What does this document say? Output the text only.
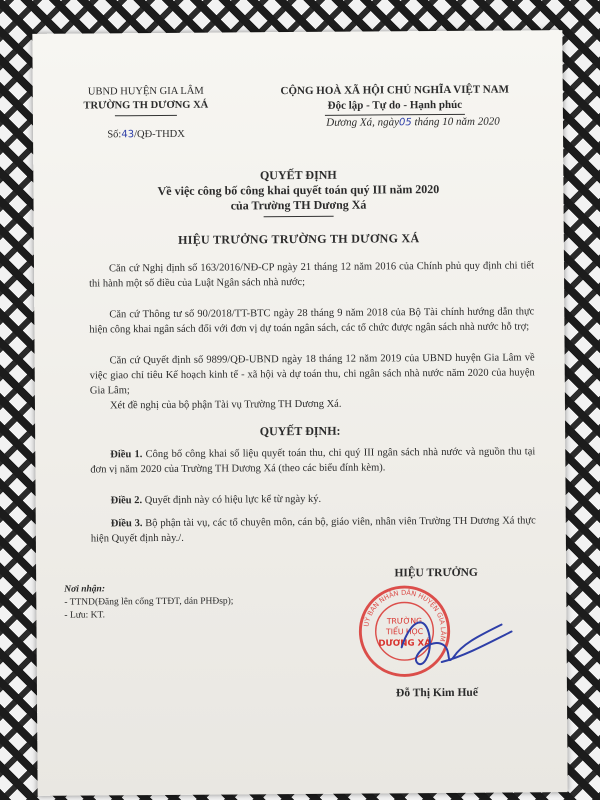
UBND HUYỆN GIA LÂM
TRƯỜNG TH DƯƠNG XÁ
Số:43/QĐ-THDX
CỘNG HOÀ XÃ HỘI CHỦ NGHĨA VIỆT NAM
Độc lập - Tự do - Hạnh phúc
Dương Xá, ngày05 tháng 10 năm 2020
QUYẾT ĐỊNH
Về việc công bố công khai quyết toán quý III năm 2020
của Trường TH Dương Xá
HIỆU TRƯỞNG TRƯỜNG TH DƯƠNG XÁ
Căn cứ Nghị định số 163/2016/NĐ-CP ngày 21 tháng 12 năm 2016 của Chính phủ quy định chi tiết thi hành một số điều của Luật Ngân sách nhà nước;
Căn cứ Thông tư số 90/2018/TT-BTC ngày 28 tháng 9 năm 2018 của Bộ Tài chính hướng dẫn thực hiện công khai ngân sách đối với đơn vị dự toán ngân sách, các tổ chức được ngân sách nhà nước hỗ trợ;
Căn cứ Quyết định số 9899/QĐ-UBND ngày 18 tháng 12 năm 2019 của UBND huyện Gia Lâm về việc giao chỉ tiêu Kế hoạch kinh tế - xã hội và dự toán thu, chi ngân sách nhà nước năm 2020 của huyện Gia Lâm;
Xét đề nghị của bộ phận Tài vụ Trường TH Dương Xá.
QUYẾT ĐỊNH:
Điều 1. Công bố công khai số liệu quyết toán thu, chi quý III ngân sách nhà nước và nguồn thu tại đơn vị năm 2020 của Trường TH Dương Xá (theo các biểu đính kèm).
Điều 2. Quyết định này có hiệu lực kể từ ngày ký.
Điều 3. Bộ phận tài vụ, các tổ chuyên môn, cán bộ, giáo viên, nhân viên Trường TH Dương Xá thực hiện Quyết định này./.
Nơi nhận:
- TTND(Đăng lên cổng TTĐT, dán PHĐsp);
- Lưu: KT.
HIỆU TRƯỞNG
UỶ BAN NHÂN DÂN HUYỆN GIA LÂM
TRƯỜNG
TIỂU HỌC
DƯƠNG XÁ
Đỗ Thị Kim Huế
